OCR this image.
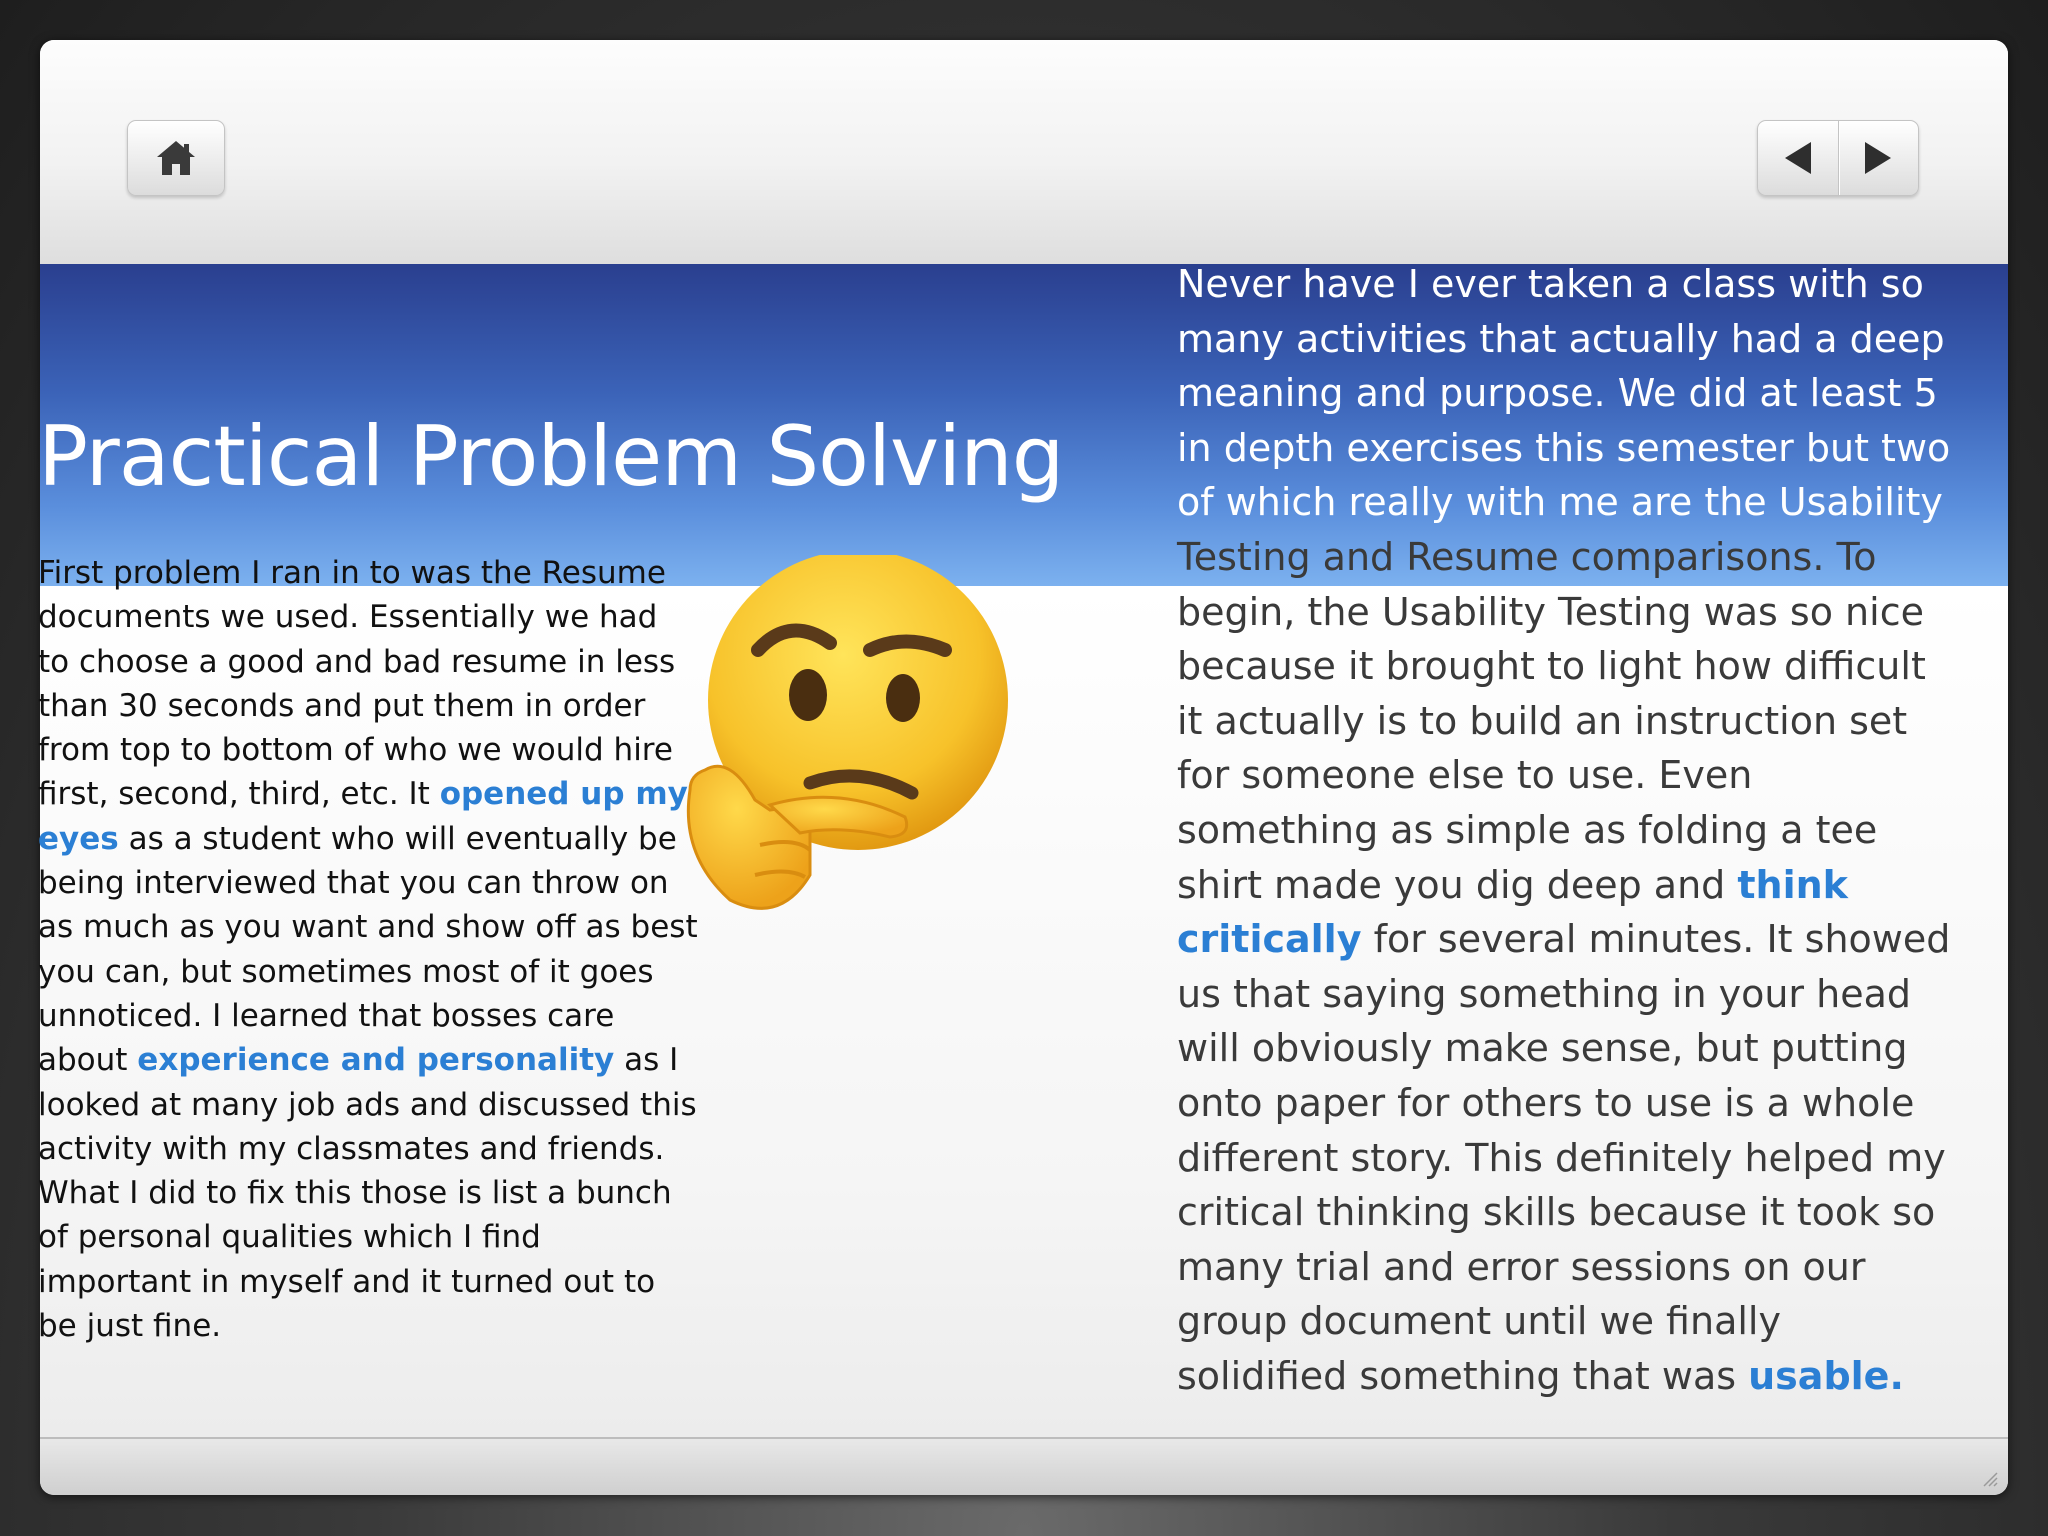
Practical Problem Solving

First problem I ran in to was the Resume documents we used. Essentially we had to choose a good and bad resume in less than 30 seconds and put them in order from top to bottom of who we would hire first, second, third, etc. It opened up my eyes as a student who will eventually be being interviewed that you can throw on as much as you want and show off as best you can, but sometimes most of it goes unnoticed. I learned that bosses care about experience and personality as I looked at many job ads and discussed this activity with my classmates and friends. What I did to fix this those is list a bunch of personal qualities which I find important in myself and it turned out to be just fine.

Never have I ever taken a class with so many activities that actually had a deep meaning and purpose. We did at least 5 in depth exercises this semester but two of which really with me are the Usability Testing and Resume comparisons. To begin, the Usability Testing was so nice because it brought to light how difficult it actually is to build an instruction set for someone else to use. Even something as simple as folding a tee shirt made you dig deep and think critically for several minutes. It showed us that saying something in your head will obviously make sense, but putting onto paper for others to use is a whole different story. This definitely helped my critical thinking skills because it took so many trial and error sessions on our group document until we finally solidified something that was usable.
